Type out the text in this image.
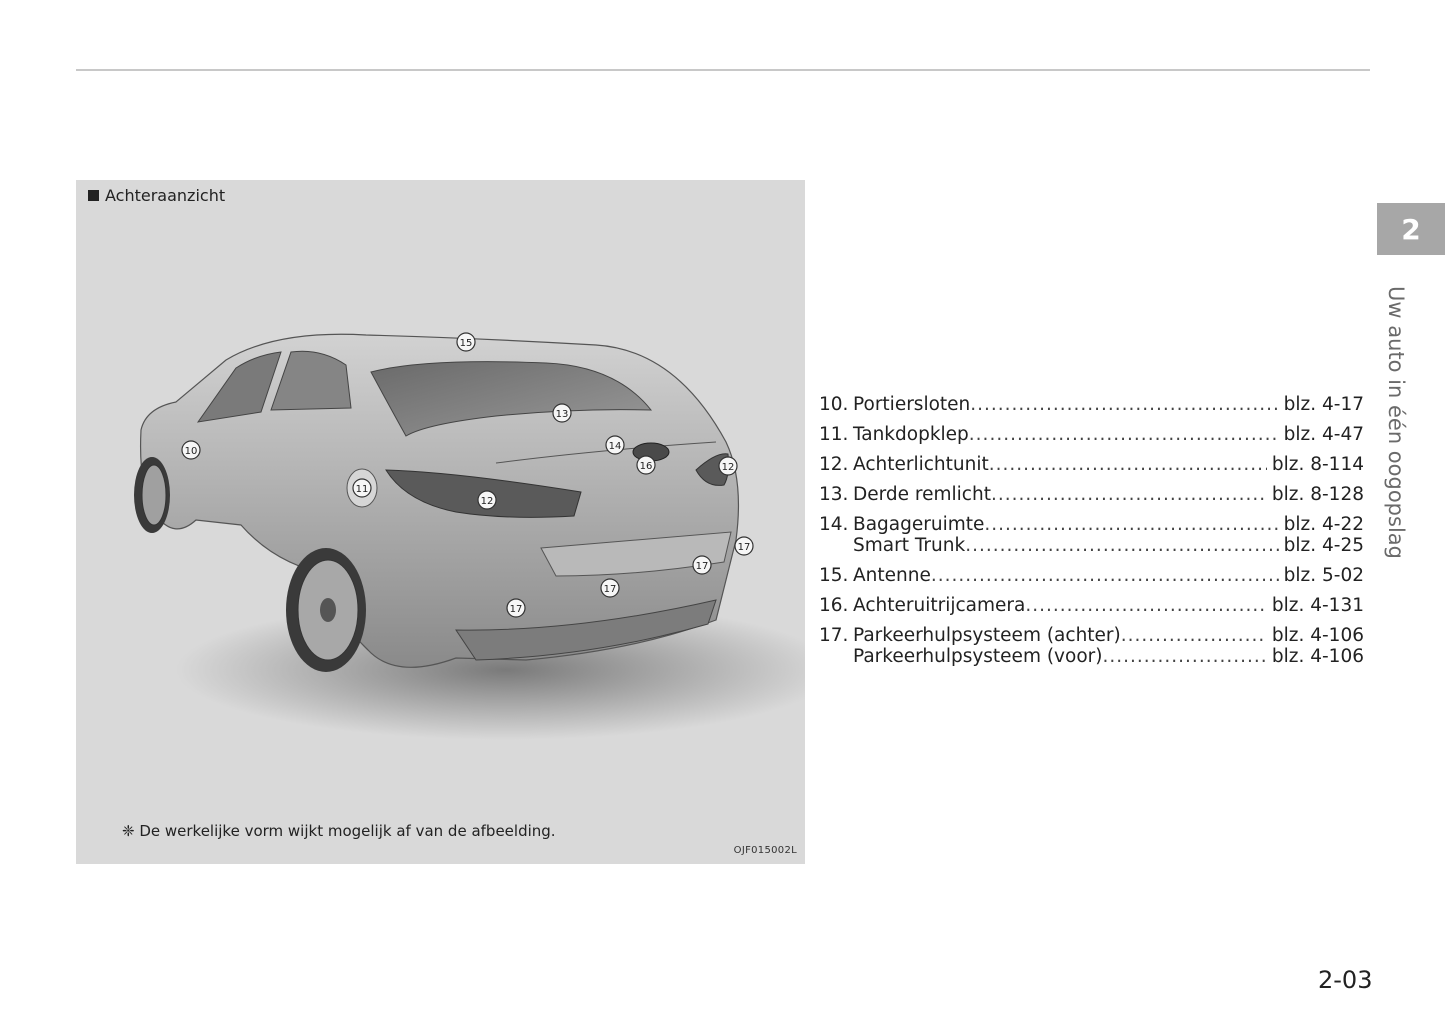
10
11
12
12
13
14
15
16
17
17
17
17
Achteraanzicht
❈ De werkelijke vorm wijkt mogelijk af van de afbeelding.
OJF015002L
10. Portiersloten .....	blz. 4-17
11. Tankdopklep .....	blz. 4-47
12. Achterlichtunit .....	blz. 8-114
13. Derde remlicht .....	blz. 8-128
14. Bagageruimte .....	blz. 4-22
Smart Trunk .....	blz. 4-25
15. Antenne .....	blz. 5-02
16. Achteruitrijcamera .....	blz. 4-131
17. Parkeerhulpsysteem (achter) .....	blz. 4-106
Parkeerhulpsysteem (voor) .....	blz. 4-106
2
Uw auto in één oogopslag
2-03
